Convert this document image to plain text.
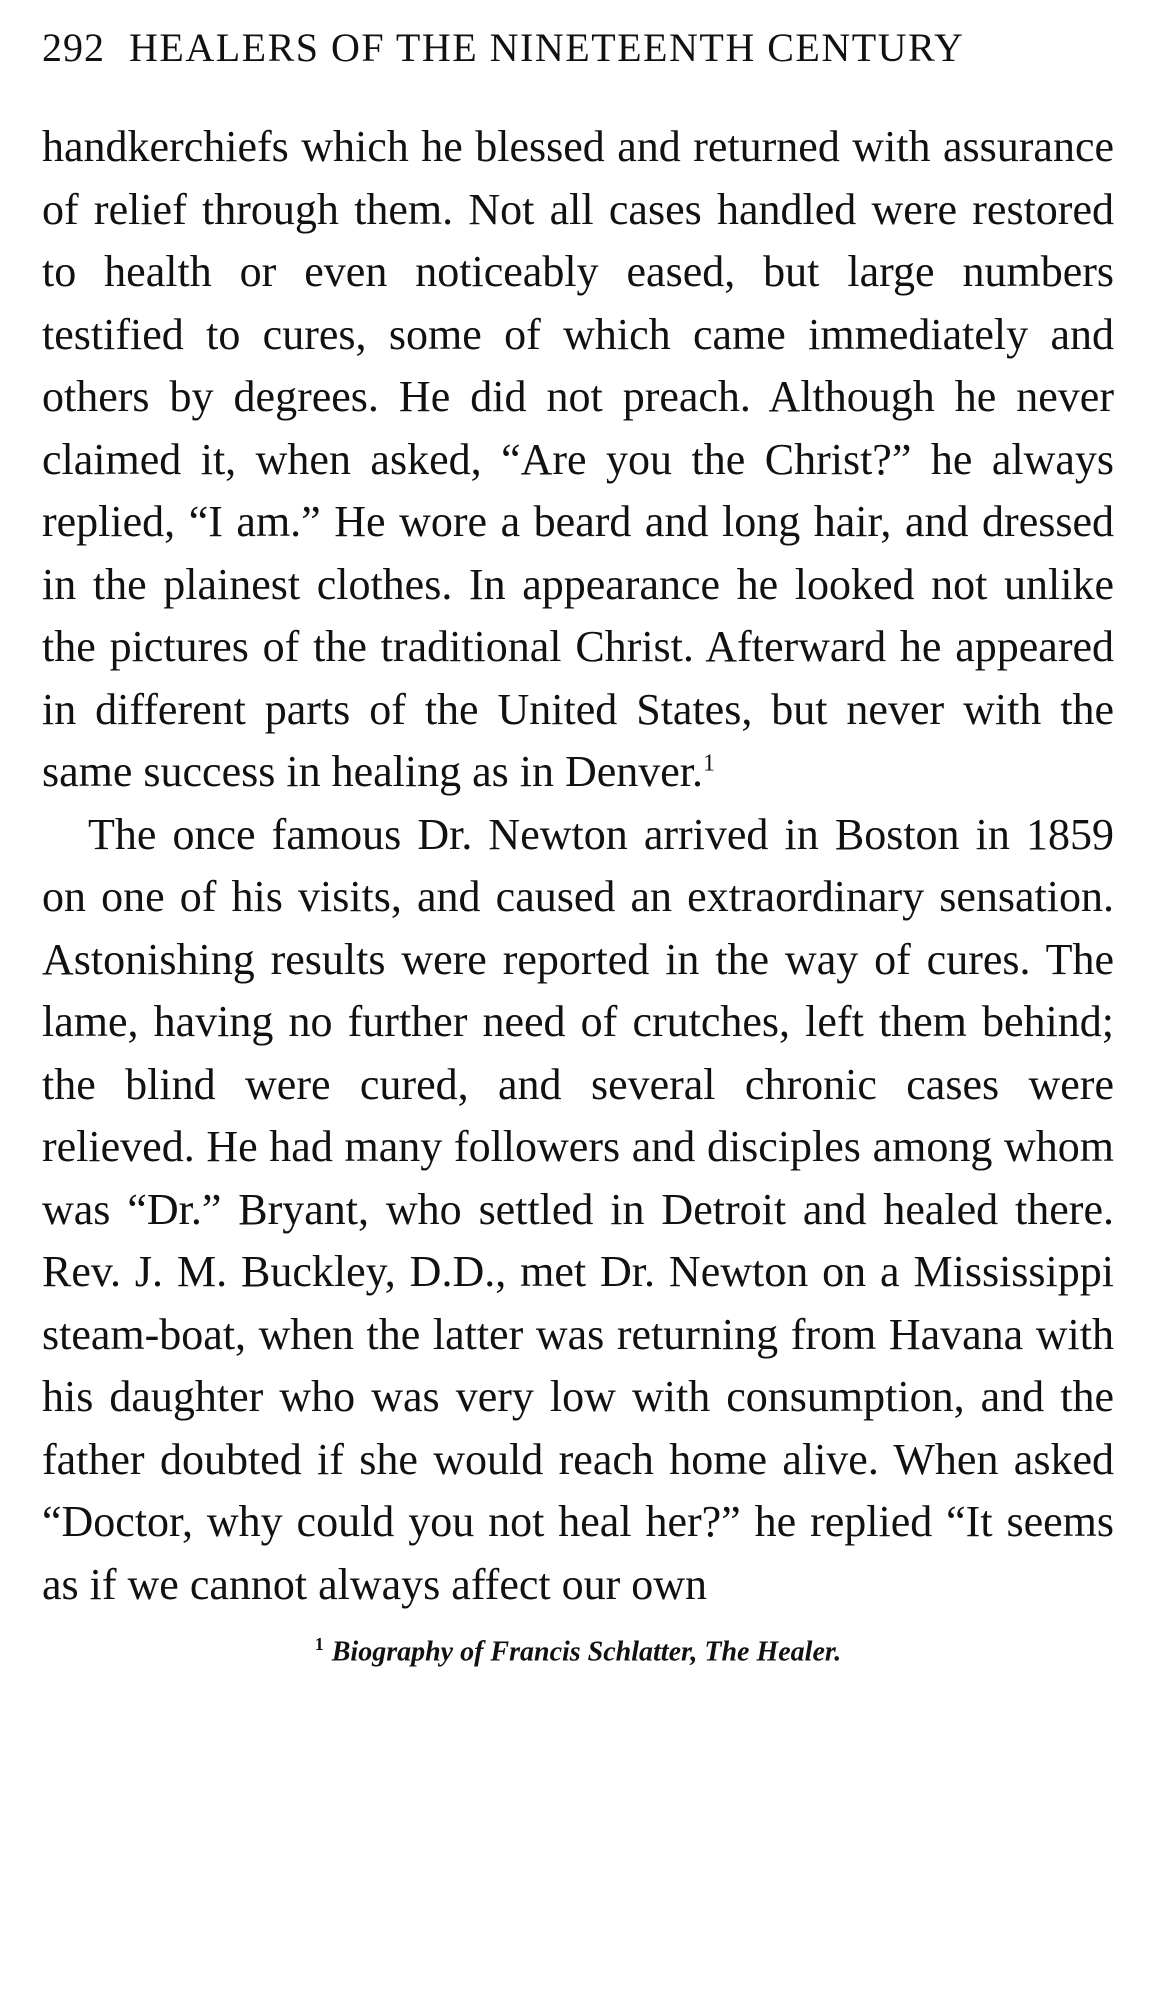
292 HEALERS OF THE NINETEENTH CENTURY

handkerchiefs which he blessed and returned with assurance of relief through them. Not all cases handled were restored to health or even noticeably eased, but large numbers testified to cures, some of which came immediately and others by degrees. He did not preach. Although he never claimed it, when asked, “Are you the Christ?” he always replied, “I am.” He wore a beard and long hair, and dressed in the plainest clothes. In appearance he looked not unlike the pictures of the traditional Christ. Afterward he appeared in different parts of the United States, but never with the same success in healing as in Denver.$^1$

The once famous Dr. Newton arrived in Boston in 1859 on one of his visits, and caused an extraordinary sensation. Astonishing results were reported in the way of cures. The lame, having no further need of crutches, left them behind; the blind were cured, and several chronic cases were relieved. He had many followers and disciples among whom was “Dr.” Bryant, who settled in Detroit and healed there. Rev. J. M. Buckley, D.D., met Dr. Newton on a Mississippi steam-boat, when the latter was returning from Havana with his daughter who was very low with consumption, and the father doubted if she would reach home alive. When asked “Doctor, why could you not heal her?” he replied “It seems as if we cannot always affect our own

$^1$ Biography of Francis Schlatter, The Healer.
